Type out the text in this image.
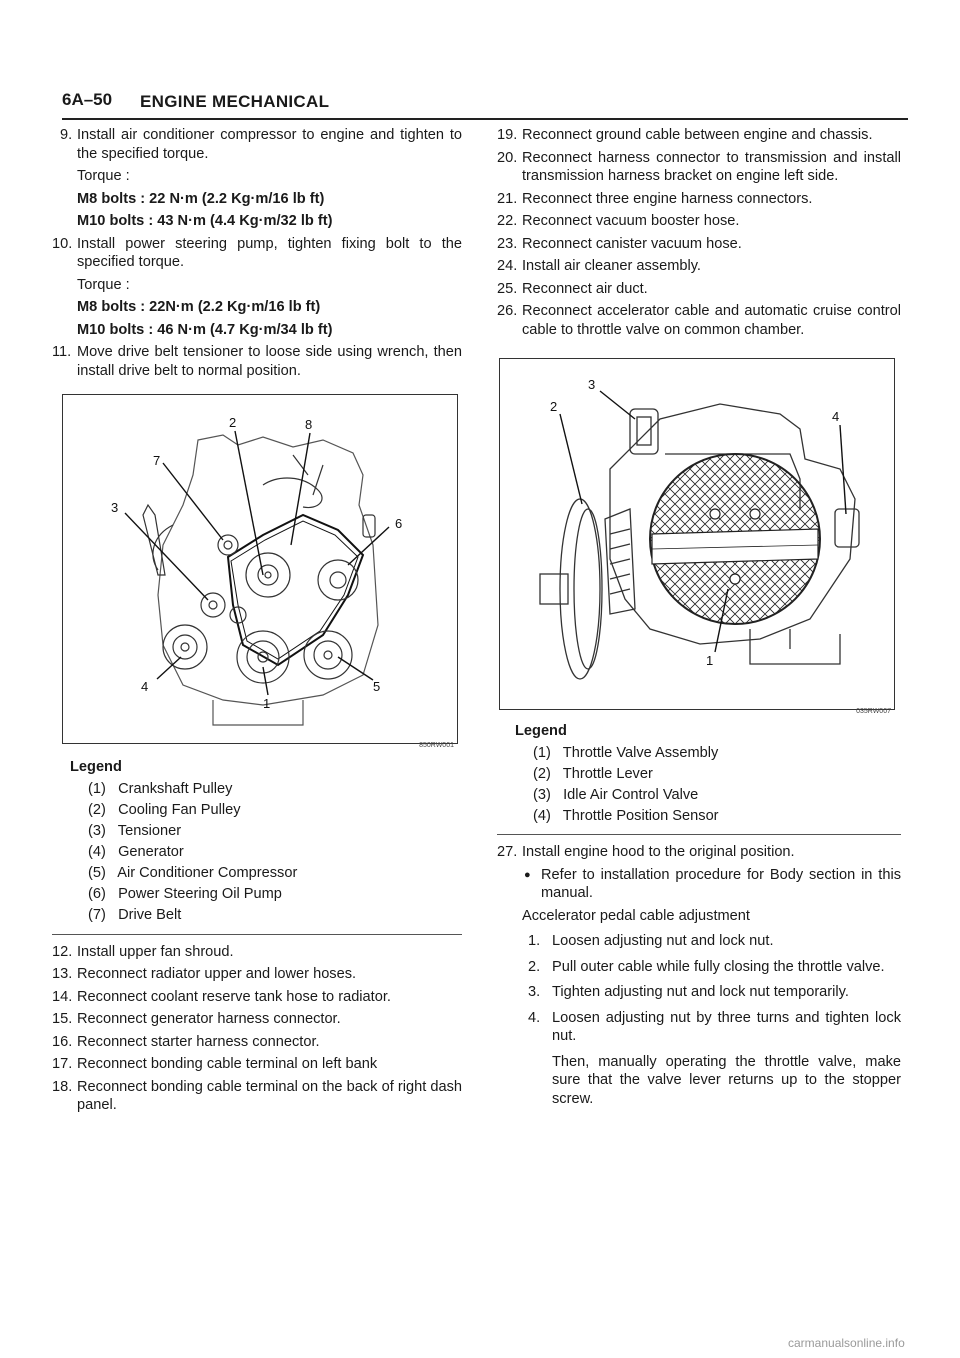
6A–50 ENGINE MECHANICAL
9. Install air conditioner compressor to engine and tighten to the specified torque.
Torque :
M8 bolts : 22 N·m (2.2 Kg·m/16 lb ft)
M10 bolts : 43 N·m (4.4 Kg·m/32 lb ft)
10. Install power steering pump, tighten fixing bolt to the specified torque.
Torque :
M8 bolts : 22N·m (2.2 Kg·m/16 lb ft)
M10 bolts : 46 N·m (4.7 Kg·m/34 lb ft)
11. Move drive belt tensioner to loose side using wrench, then install drive belt to normal position.
2	8
7
3
6
4	5
1
850RW001
Legend
(1) Crankshaft Pulley
(2) Cooling Fan Pulley
(3) Tensioner
(4) Generator
(5) Air Conditioner Compressor
(6) Power Steering Oil Pump
(7) Drive Belt
12. Install upper fan shroud.
13. Reconnect radiator upper and lower hoses.
14. Reconnect coolant reserve tank hose to radiator.
15. Reconnect generator harness connector.
16. Reconnect starter harness connector.
17. Reconnect bonding cable terminal on left bank
18. Reconnect bonding cable terminal on the back of right dash panel.
19. Reconnect ground cable between engine and chassis.
20. Reconnect harness connector to transmission and install transmission harness bracket on engine left side.
21. Reconnect three engine harness connectors.
22. Reconnect vacuum booster hose.
23. Reconnect canister vacuum hose.
24. Install air cleaner assembly.
25. Reconnect air duct.
26. Reconnect accelerator cable and automatic cruise control cable to throttle valve on common chamber.
2
3
4
1
035RW007
Legend
(1) Throttle Valve Assembly
(2) Throttle Lever
(3) Idle Air Control Valve
(4) Throttle Position Sensor
27. Install engine hood to the original position.
● Refer to installation procedure for Body section in this manual.
Accelerator pedal cable adjustment
1. Loosen adjusting nut and lock nut.
2. Pull outer cable while fully closing the throttle valve.
3. Tighten adjusting nut and lock nut temporarily.
4. Loosen adjusting nut by three turns and tighten lock nut.
Then, manually operating the throttle valve, make sure that the valve lever returns up to the stopper screw.
carmanualsonline.info
